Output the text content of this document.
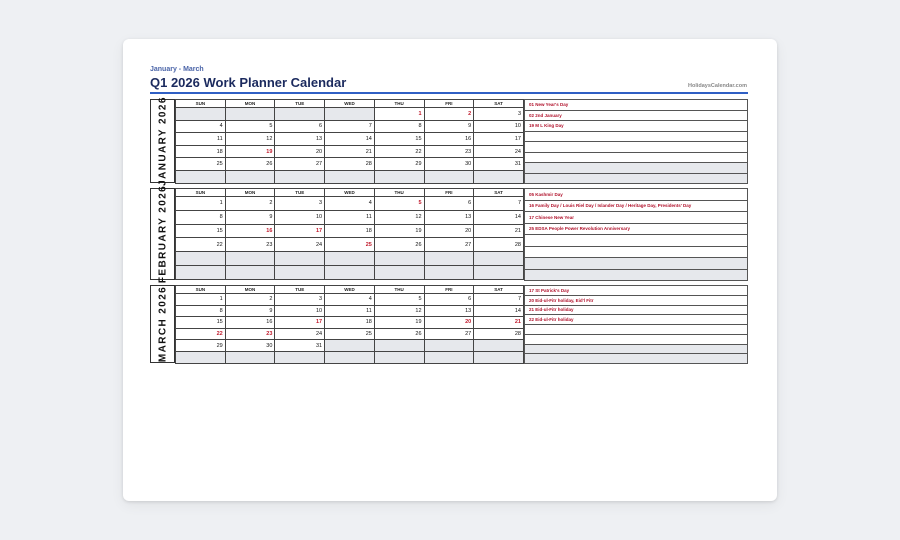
January - March
Q1 2026 Work Planner Calendar	HolidaysCalendar.com
JANUARY 2026	SUN	MON	TUE	WED	THU	FRI	SAT
				1	2	3
4	5	6	7	8	9	10
11	12	13	14	15	16	17
18	19	20	21	22	23	24
25	26	27	28	29	30	31

01 New Year's Day
02 2nd January
19 M L King Day

FEBRUARY 2026	SUN	MON	TUE	WED	THU	FRI	SAT
1	2	3	4	5	6	7
8	9	10	11	12	13	14
15	16	17	18	19	20	21
22	23	24	25	26	27	28

05 Kashmir Day
16 Family Day / Louis Riel Day / Islander Day / Heritage Day, Presidents' Day
17 Chinese New Year
25 EDSA People Power Revolution Anniversary

MARCH 2026	SUN	MON	TUE	WED	THU	FRI	SAT
1	2	3	4	5	6	7
8	9	10	11	12	13	14
15	16	17	18	19	20	21
22	23	24	25	26	27	28
29	30	31				

17 St Patrick's Day
20 Eid-ul-Fitr holiday, Eid'l Fitr
21 Eid-ul-Fitr holiday
22 Eid-ul-Fitr holiday
